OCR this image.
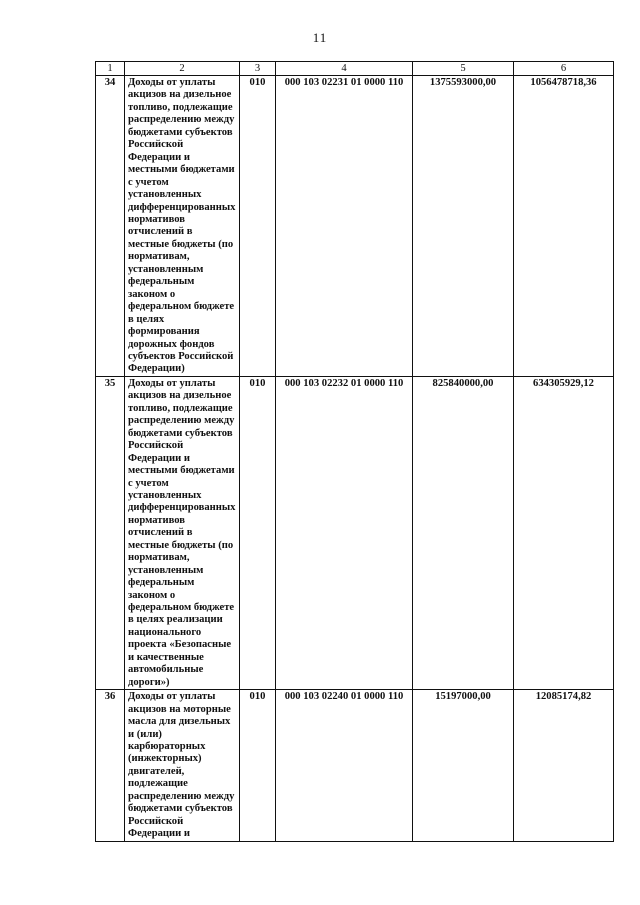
11
1	2	3	4	5	6
34	Доходы от уплаты акцизов на дизельное топливо, подлежащие распределению между бюджетами субъектов Российской Федерации и местными бюджетами с учетом установленных дифференцированных нормативов отчислений в местные бюджеты (по нормативам, установленным федеральным законом о федеральном бюджете в целях формирования дорожных фондов субъектов Российской Федерации)	010	000 103 02231 01 0000 110	1375593000,00	1056478718,36
35	Доходы от уплаты акцизов на дизельное топливо, подлежащие распределению между бюджетами субъектов Российской Федерации и местными бюджетами с учетом установленных дифференцированных нормативов отчислений в местные бюджеты (по нормативам, установленным федеральным законом о федеральном бюджете в целях реализации национального проекта «Безопасные и качественные автомобильные дороги»)	010	000 103 02232 01 0000 110	825840000,00	634305929,12
36	Доходы от уплаты акцизов на моторные масла для дизельных и (или) карбюраторных (инжекторных) двигателей, подлежащие распределению между бюджетами субъектов Российской Федерации и	010	000 103 02240 01 0000 110	15197000,00	12085174,82
